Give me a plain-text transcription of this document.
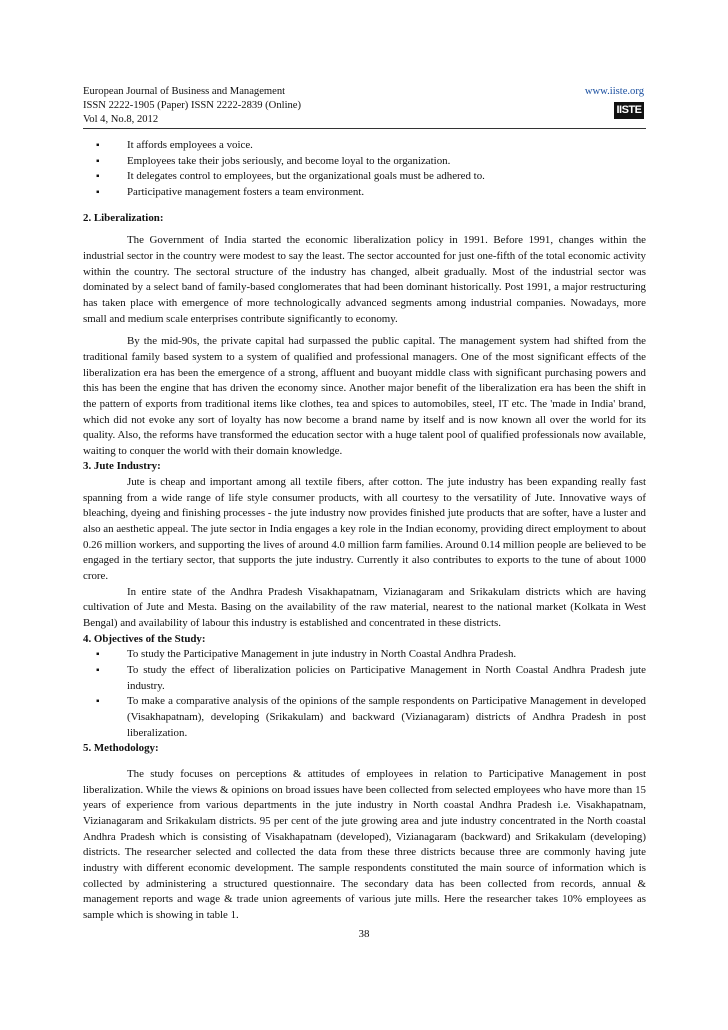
European Journal of Business and Management
ISSN 2222-1905 (Paper) ISSN 2222-2839 (Online)
Vol 4, No.8, 2012
www.iiste.org
IISTE
▪ It affords employees a voice.
▪ Employees take their jobs seriously, and become loyal to the organization.
▪ It delegates control to employees, but the organizational goals must be adhered to.
▪ Participative management fosters a team environment.
2. Liberalization:

The Government of India started the economic liberalization policy in 1991. Before 1991, changes within the industrial sector in the country were modest to say the least. The sector accounted for just one-fifth of the total economic activity within the country. The sectoral structure of the industry has changed, albeit gradually. Most of the industrial sector was dominated by a select band of family-based conglomerates that had been dominant historically. Post 1991, a major restructuring has taken place with emergence of more technologically advanced segments among industrial companies. Nowadays, more small and medium scale enterprises contribute significantly to economy.

By the mid-90s, the private capital had surpassed the public capital. The management system had shifted from the traditional family based system to a system of qualified and professional managers. One of the most significant effects of the liberalization era has been the emergence of a strong, affluent and buoyant middle class with significant purchasing powers and this has been the engine that has driven the economy since. Another major benefit of the liberalization era has been the shift in the pattern of exports from traditional items like clothes, tea and spices to automobiles, steel, IT etc. The 'made in India' brand, which did not evoke any sort of loyalty has now become a brand name by itself and is now known all over the world for its quality. Also, the reforms have transformed the education sector with a huge talent pool of qualified professionals now available, waiting to conquer the world with their domain knowledge.

3. Jute Industry:

Jute is cheap and important among all textile fibers, after cotton. The jute industry has been expanding really fast spanning from a wide range of life style consumer products, with all courtesy to the versatility of Jute. Innovative ways of bleaching, dyeing and finishing processes - the jute industry now provides finished jute products that are softer, have a luster and also an aesthetic appeal. The jute sector in India engages a key role in the Indian economy, providing direct employment to about 0.26 million workers, and supporting the lives of around 4.0 million farm families. Around 0.14 million people are believed to be engaged in the tertiary sector, that supports the jute industry. Currently it also contributes to exports to the tune of about 1000 crore.

In entire state of the Andhra Pradesh Visakhapatnam, Vizianagaram and Srikakulam districts which are having cultivation of Jute and Mesta. Basing on the availability of the raw material, nearest to the national market (Kolkata in West Bengal) and availability of labour this industry is established and concentrated in these districts.

4. Objectives of the Study:
▪ To study the Participative Management in jute industry in North Coastal Andhra Pradesh.
▪ To study the effect of liberalization policies on Participative Management in North Coastal Andhra Pradesh jute industry.
▪ To make a comparative analysis of the opinions of the sample respondents on Participative Management in developed (Visakhapatnam), developing (Srikakulam) and backward (Vizianagaram) districts of Andhra Pradesh in post liberalization.
5. Methodology:

The study focuses on perceptions & attitudes of employees in relation to Participative Management in post liberalization. While the views & opinions on broad issues have been collected from selected employees who have more than 15 years of experience from various departments in the jute industry in North coastal Andhra Pradesh i.e. Visakhapatnam, Vizianagaram and Srikakulam districts. 95 per cent of the jute growing area and jute industry concentrated in the North coastal Andhra Pradesh which is consisting of Visakhapatnam (developed), Vizianagaram (backward) and Srikakulam (developing) districts. The researcher selected and collected the data from these three districts because three are commonly having jute industry with different economic development. The sample respondents constituted the main source of information which is collected by administering a structured questionnaire. The secondary data has been collected from records, annual & management reports and wage & trade union agreements of various jute mills. Here the researcher takes 10% employees as sample which is showing in table 1.

38
